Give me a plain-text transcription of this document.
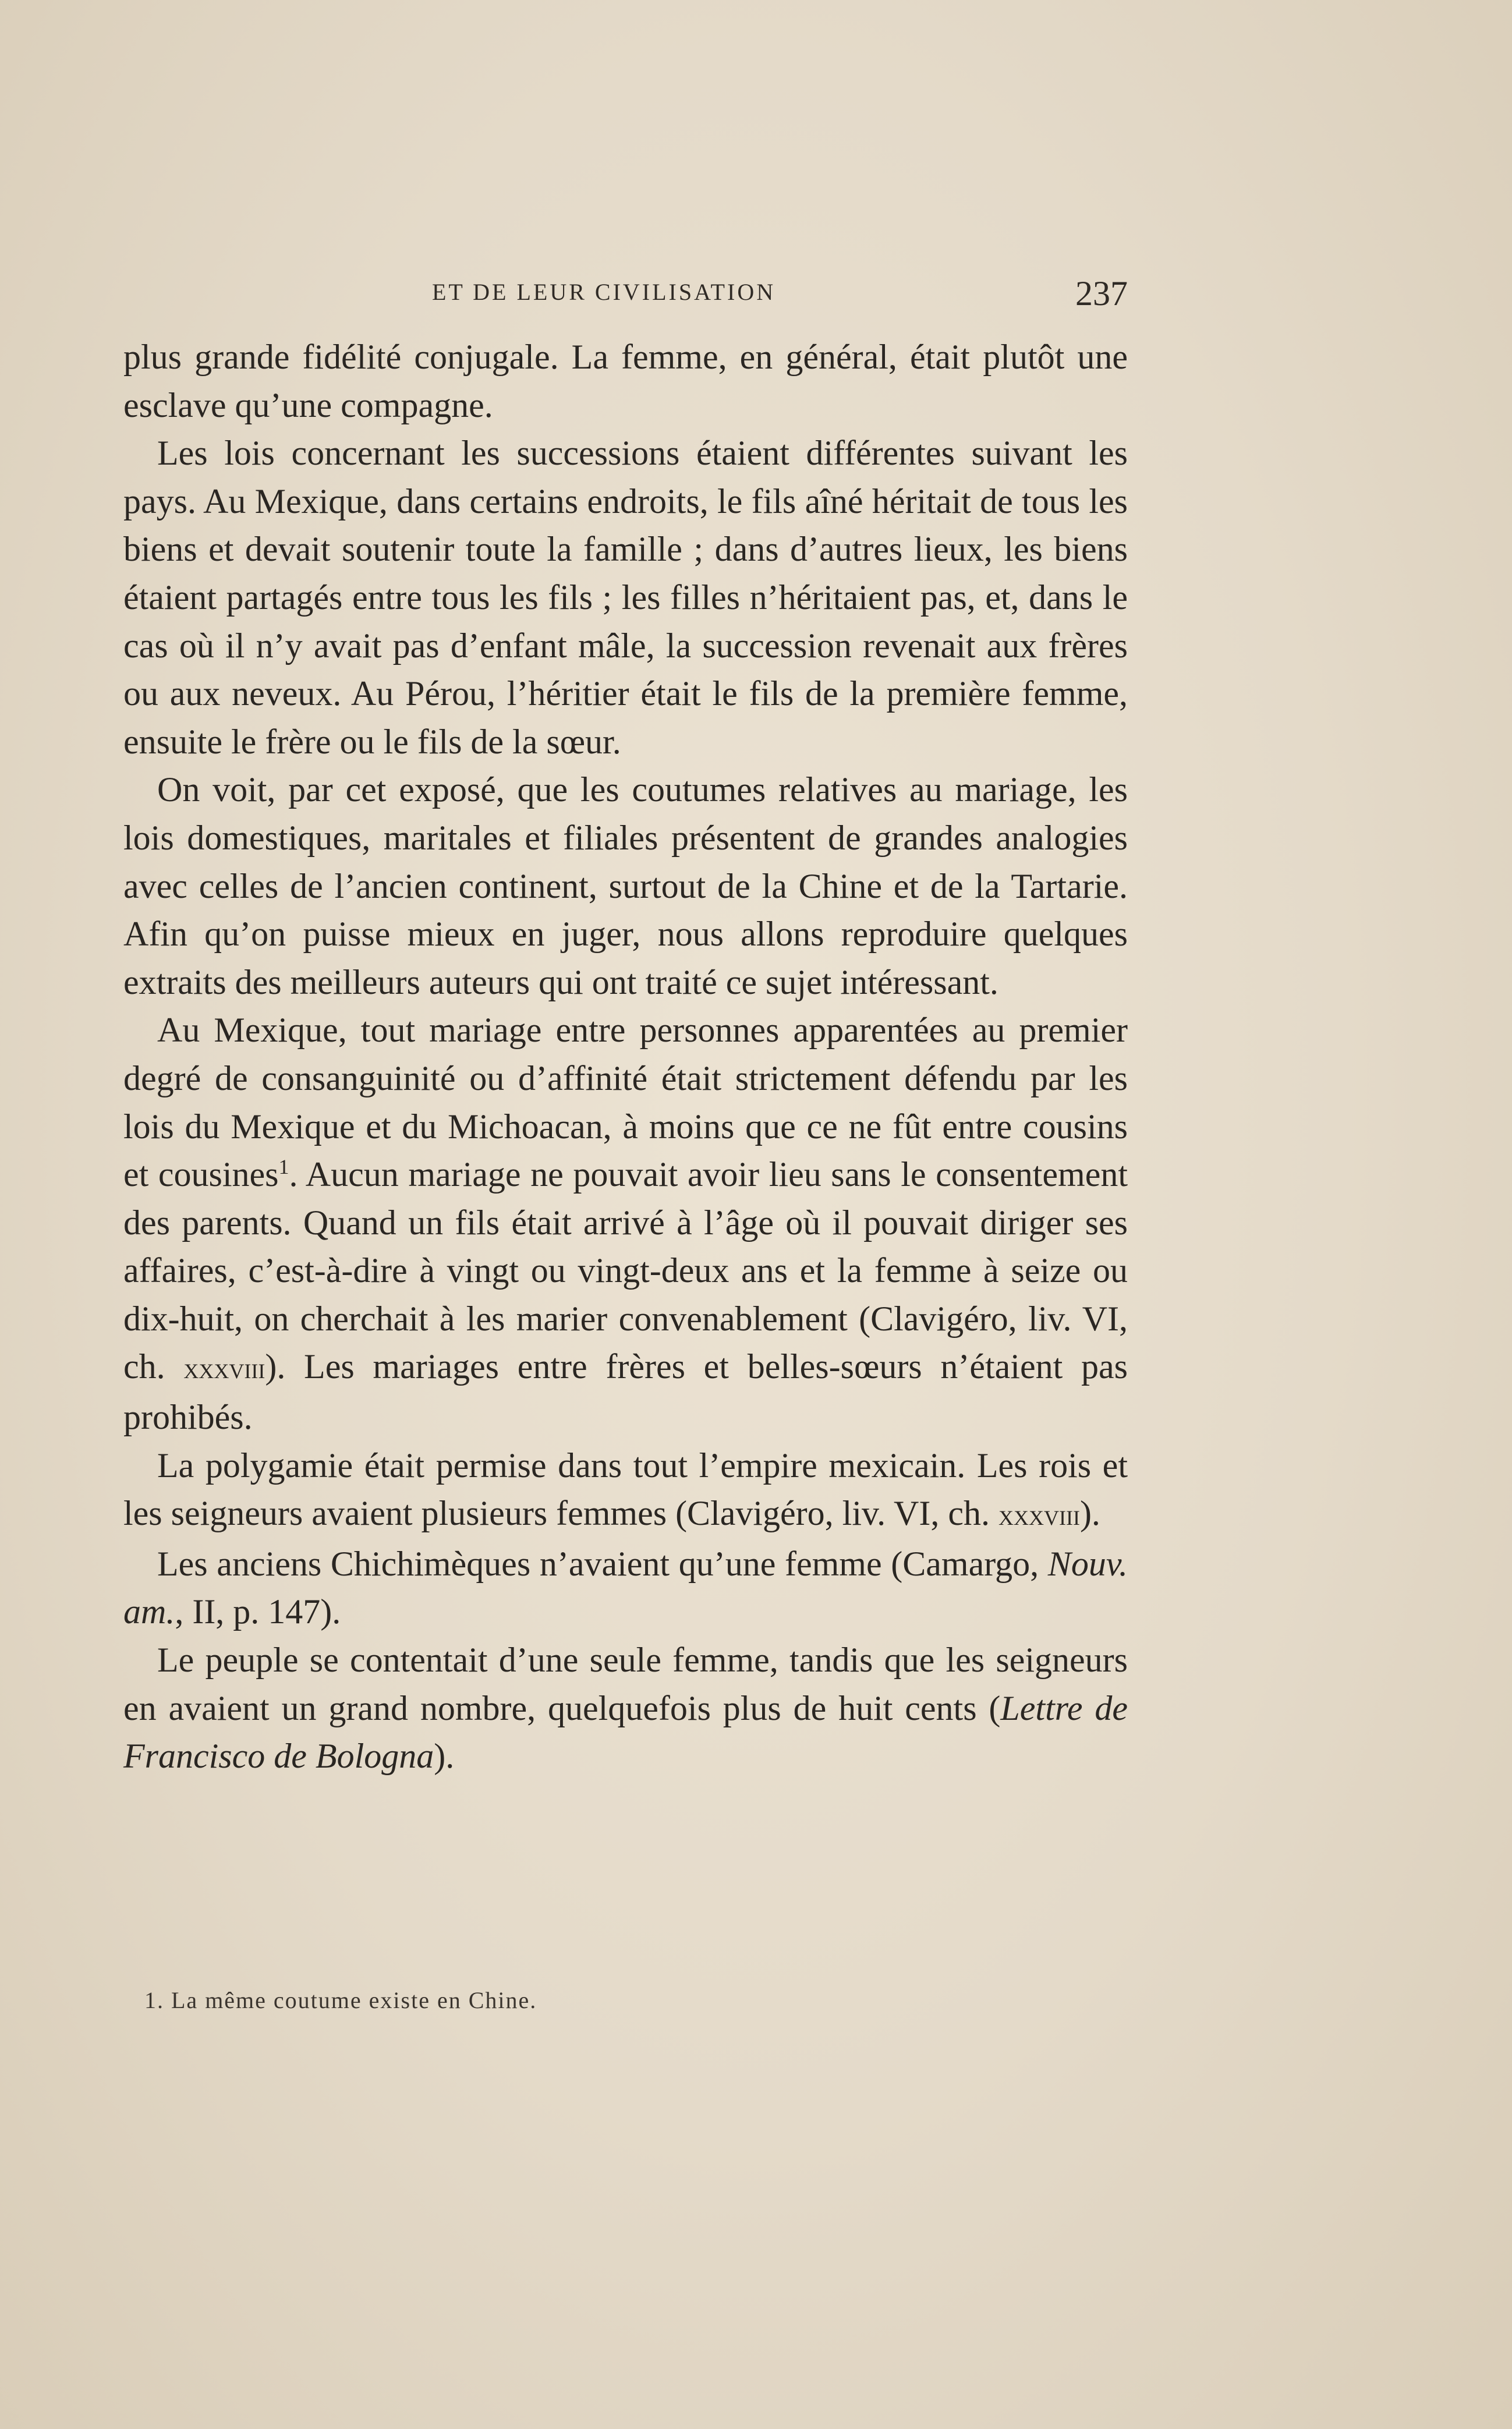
ET DE LEUR CIVILISATION	237

plus grande fidélité conjugale. La femme, en général, était plutôt une esclave qu’une compagne.

Les lois concernant les successions étaient différentes suivant les pays. Au Mexique, dans certains endroits, le fils aîné héritait de tous les biens et devait soutenir toute la famille ; dans d’autres lieux, les biens étaient partagés entre tous les fils ; les filles n’héritaient pas, et, dans le cas où il n’y avait pas d’enfant mâle, la succession revenait aux frères ou aux neveux. Au Pérou, l’héritier était le fils de la première femme, ensuite le frère ou le fils de la sœur.

On voit, par cet exposé, que les coutumes relatives au mariage, les lois domestiques, maritales et filiales présentent de grandes analogies avec celles de l’ancien continent, surtout de la Chine et de la Tartarie. Afin qu’on puisse mieux en juger, nous allons reproduire quelques extraits des meilleurs auteurs qui ont traité ce sujet intéressant.

Au Mexique, tout mariage entre personnes apparentées au premier degré de consanguinité ou d’affinité était strictement défendu par les lois du Mexique et du Michoacan, à moins que ce ne fût entre cousins et cousines$^1$. Aucun mariage ne pouvait avoir lieu sans le consentement des parents. Quand un fils était arrivé à l’âge où il pouvait diriger ses affaires, c’est-à-dire à vingt ou vingt-deux ans et la femme à seize ou dix-huit, on cherchait à les marier convenablement (Clavigéro, liv. VI, ch. xxxviii). Les mariages entre frères et belles-sœurs n’étaient pas prohibés.

La polygamie était permise dans tout l’empire mexicain. Les rois et les seigneurs avaient plusieurs femmes (Clavigéro, liv. VI, ch. xxxviii).

Les anciens Chichimèques n’avaient qu’une femme (Camargo, Nouv. am., II, p. 147).

Le peuple se contentait d’une seule femme, tandis que les seigneurs en avaient un grand nombre, quelquefois plus de huit cents (Lettre de Francisco de Bologna).

1. La même coutume existe en Chine.
